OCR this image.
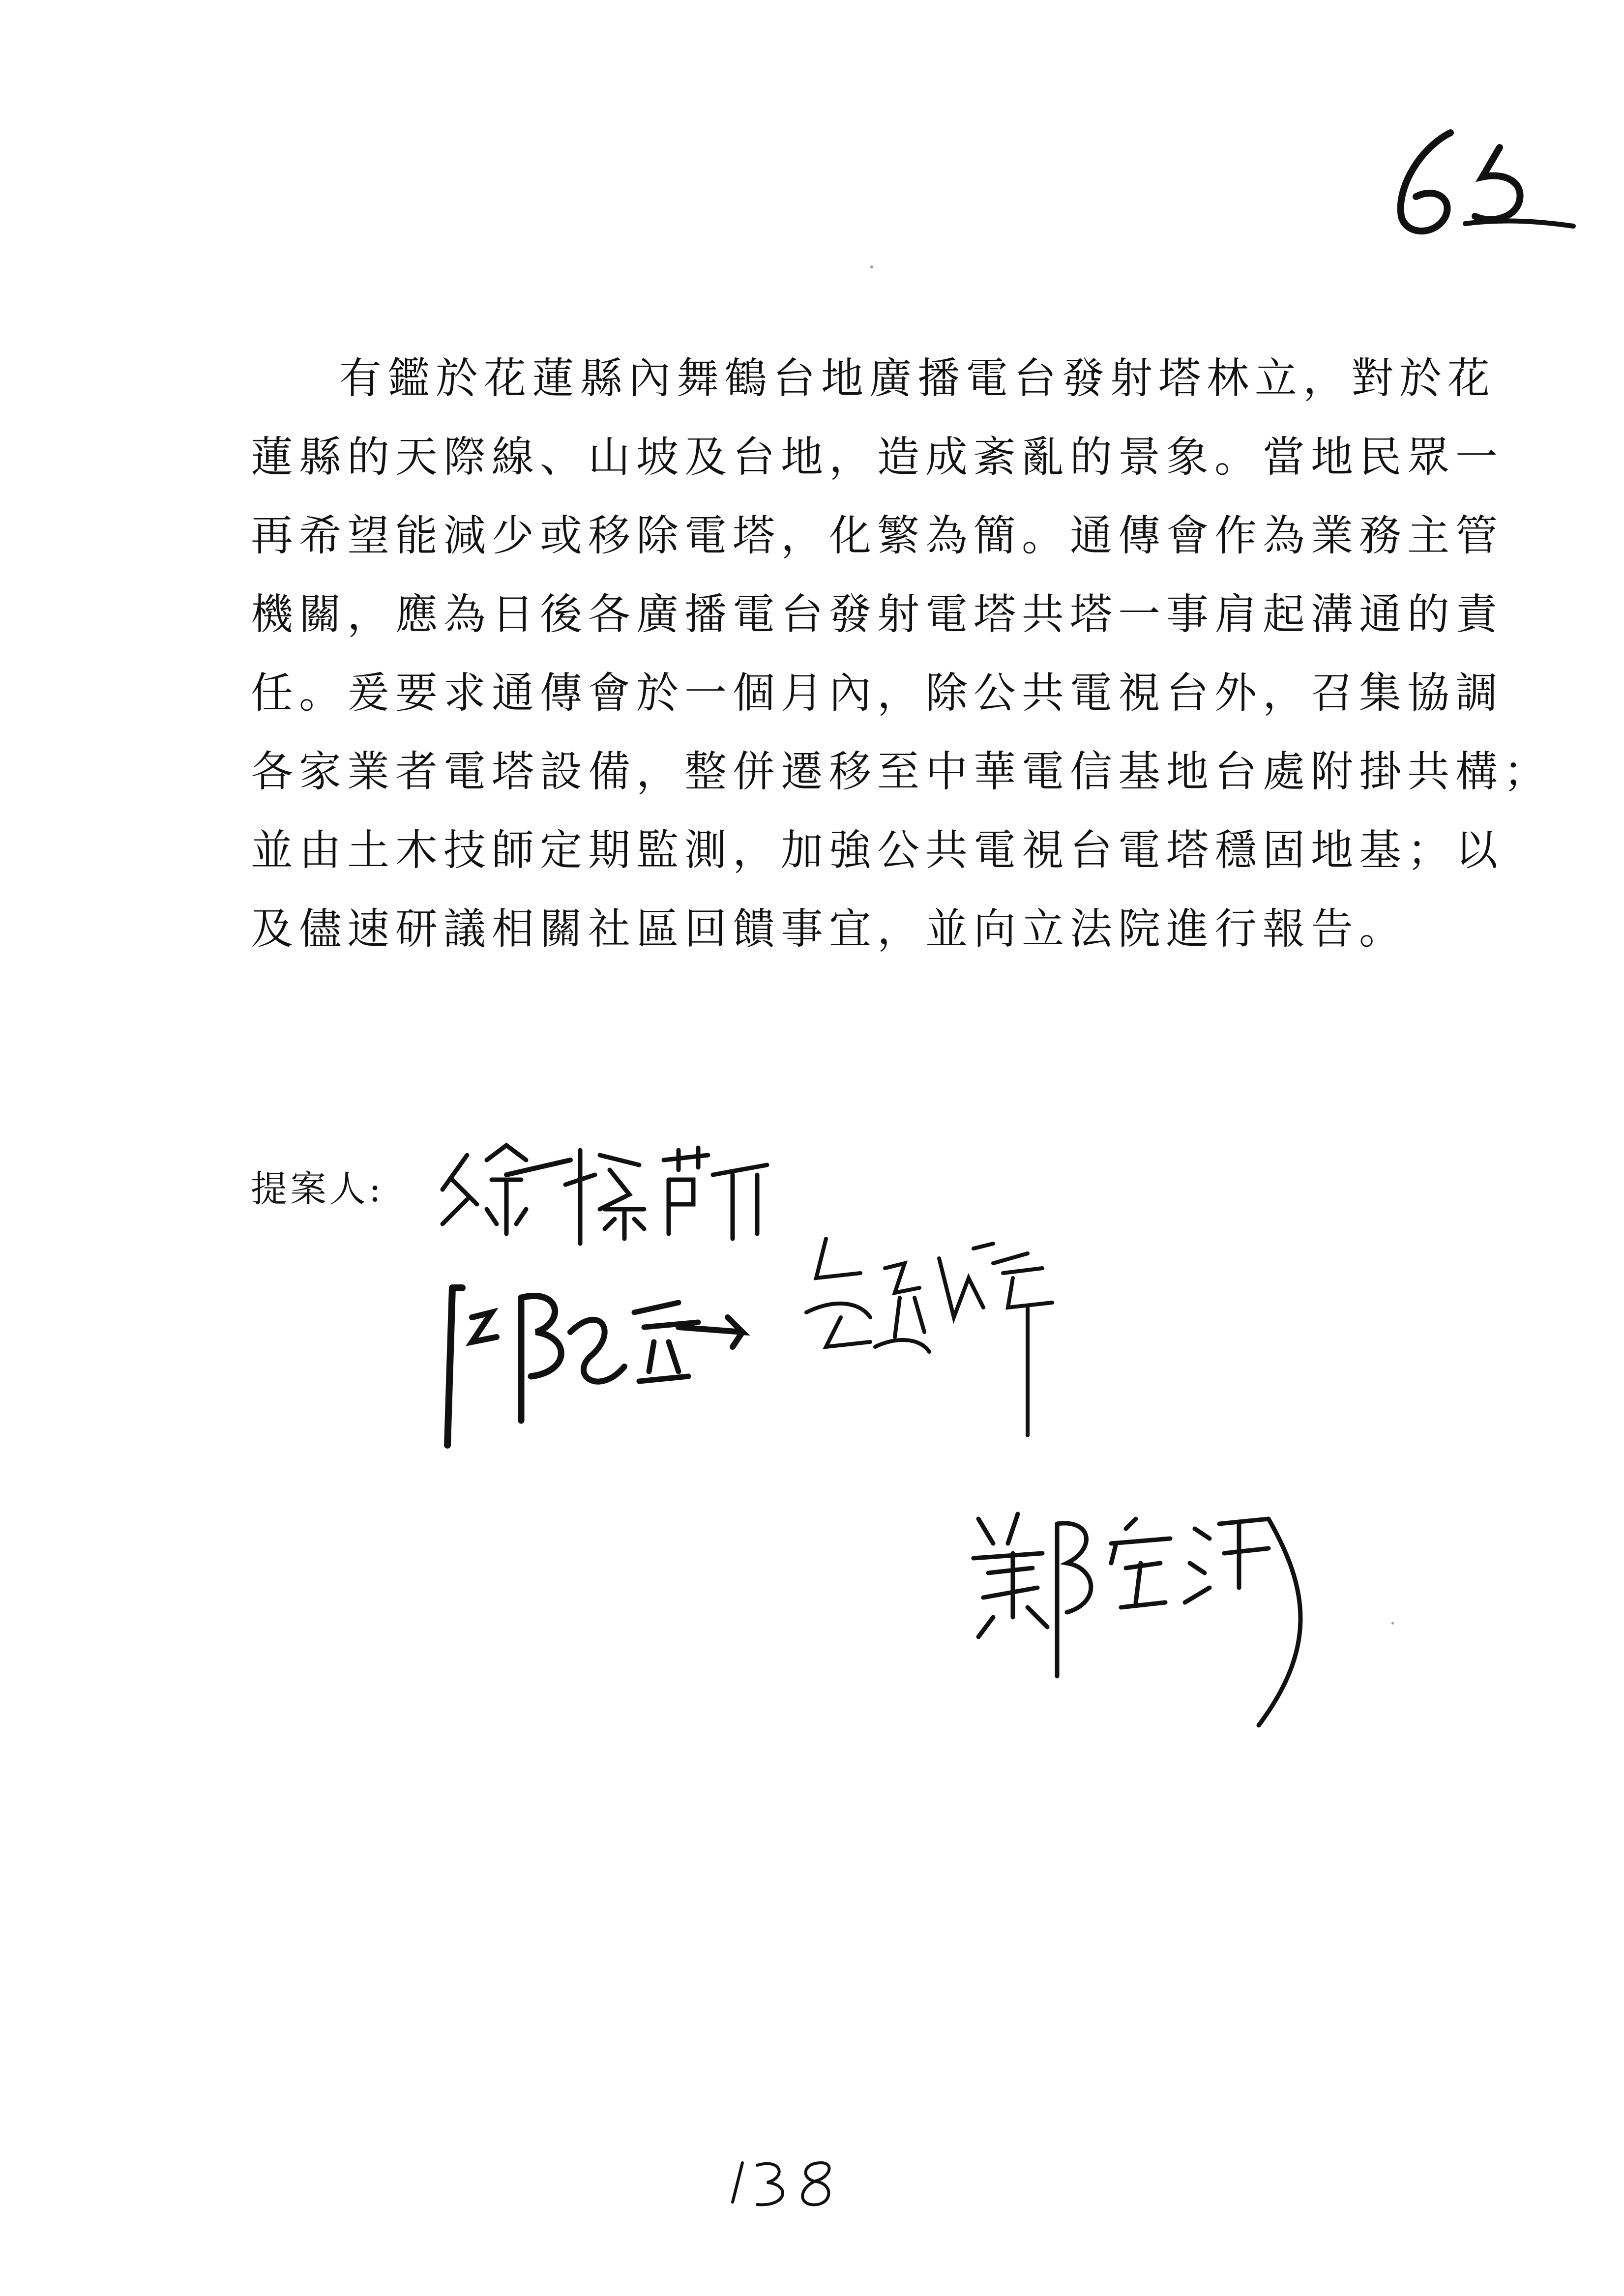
有鑑於花蓮縣內舞鶴台地廣播電台發射塔林立，對於花
蓮縣的天際線、山坡及台地，造成紊亂的景象。當地民眾一
再希望能減少或移除電塔，化繁為簡。通傳會作為業務主管
機關，應為日後各廣播電台發射電塔共塔一事肩起溝通的責
任。爰要求通傳會於一個月內，除公共電視台外，召集協調
各家業者電塔設備，整併遷移至中華電信基地台處附掛共構；
並由土木技師定期監測，加強公共電視台電塔穩固地基；以
及儘速研議相關社區回饋事宜，並向立法院進行報告。
提案人:
